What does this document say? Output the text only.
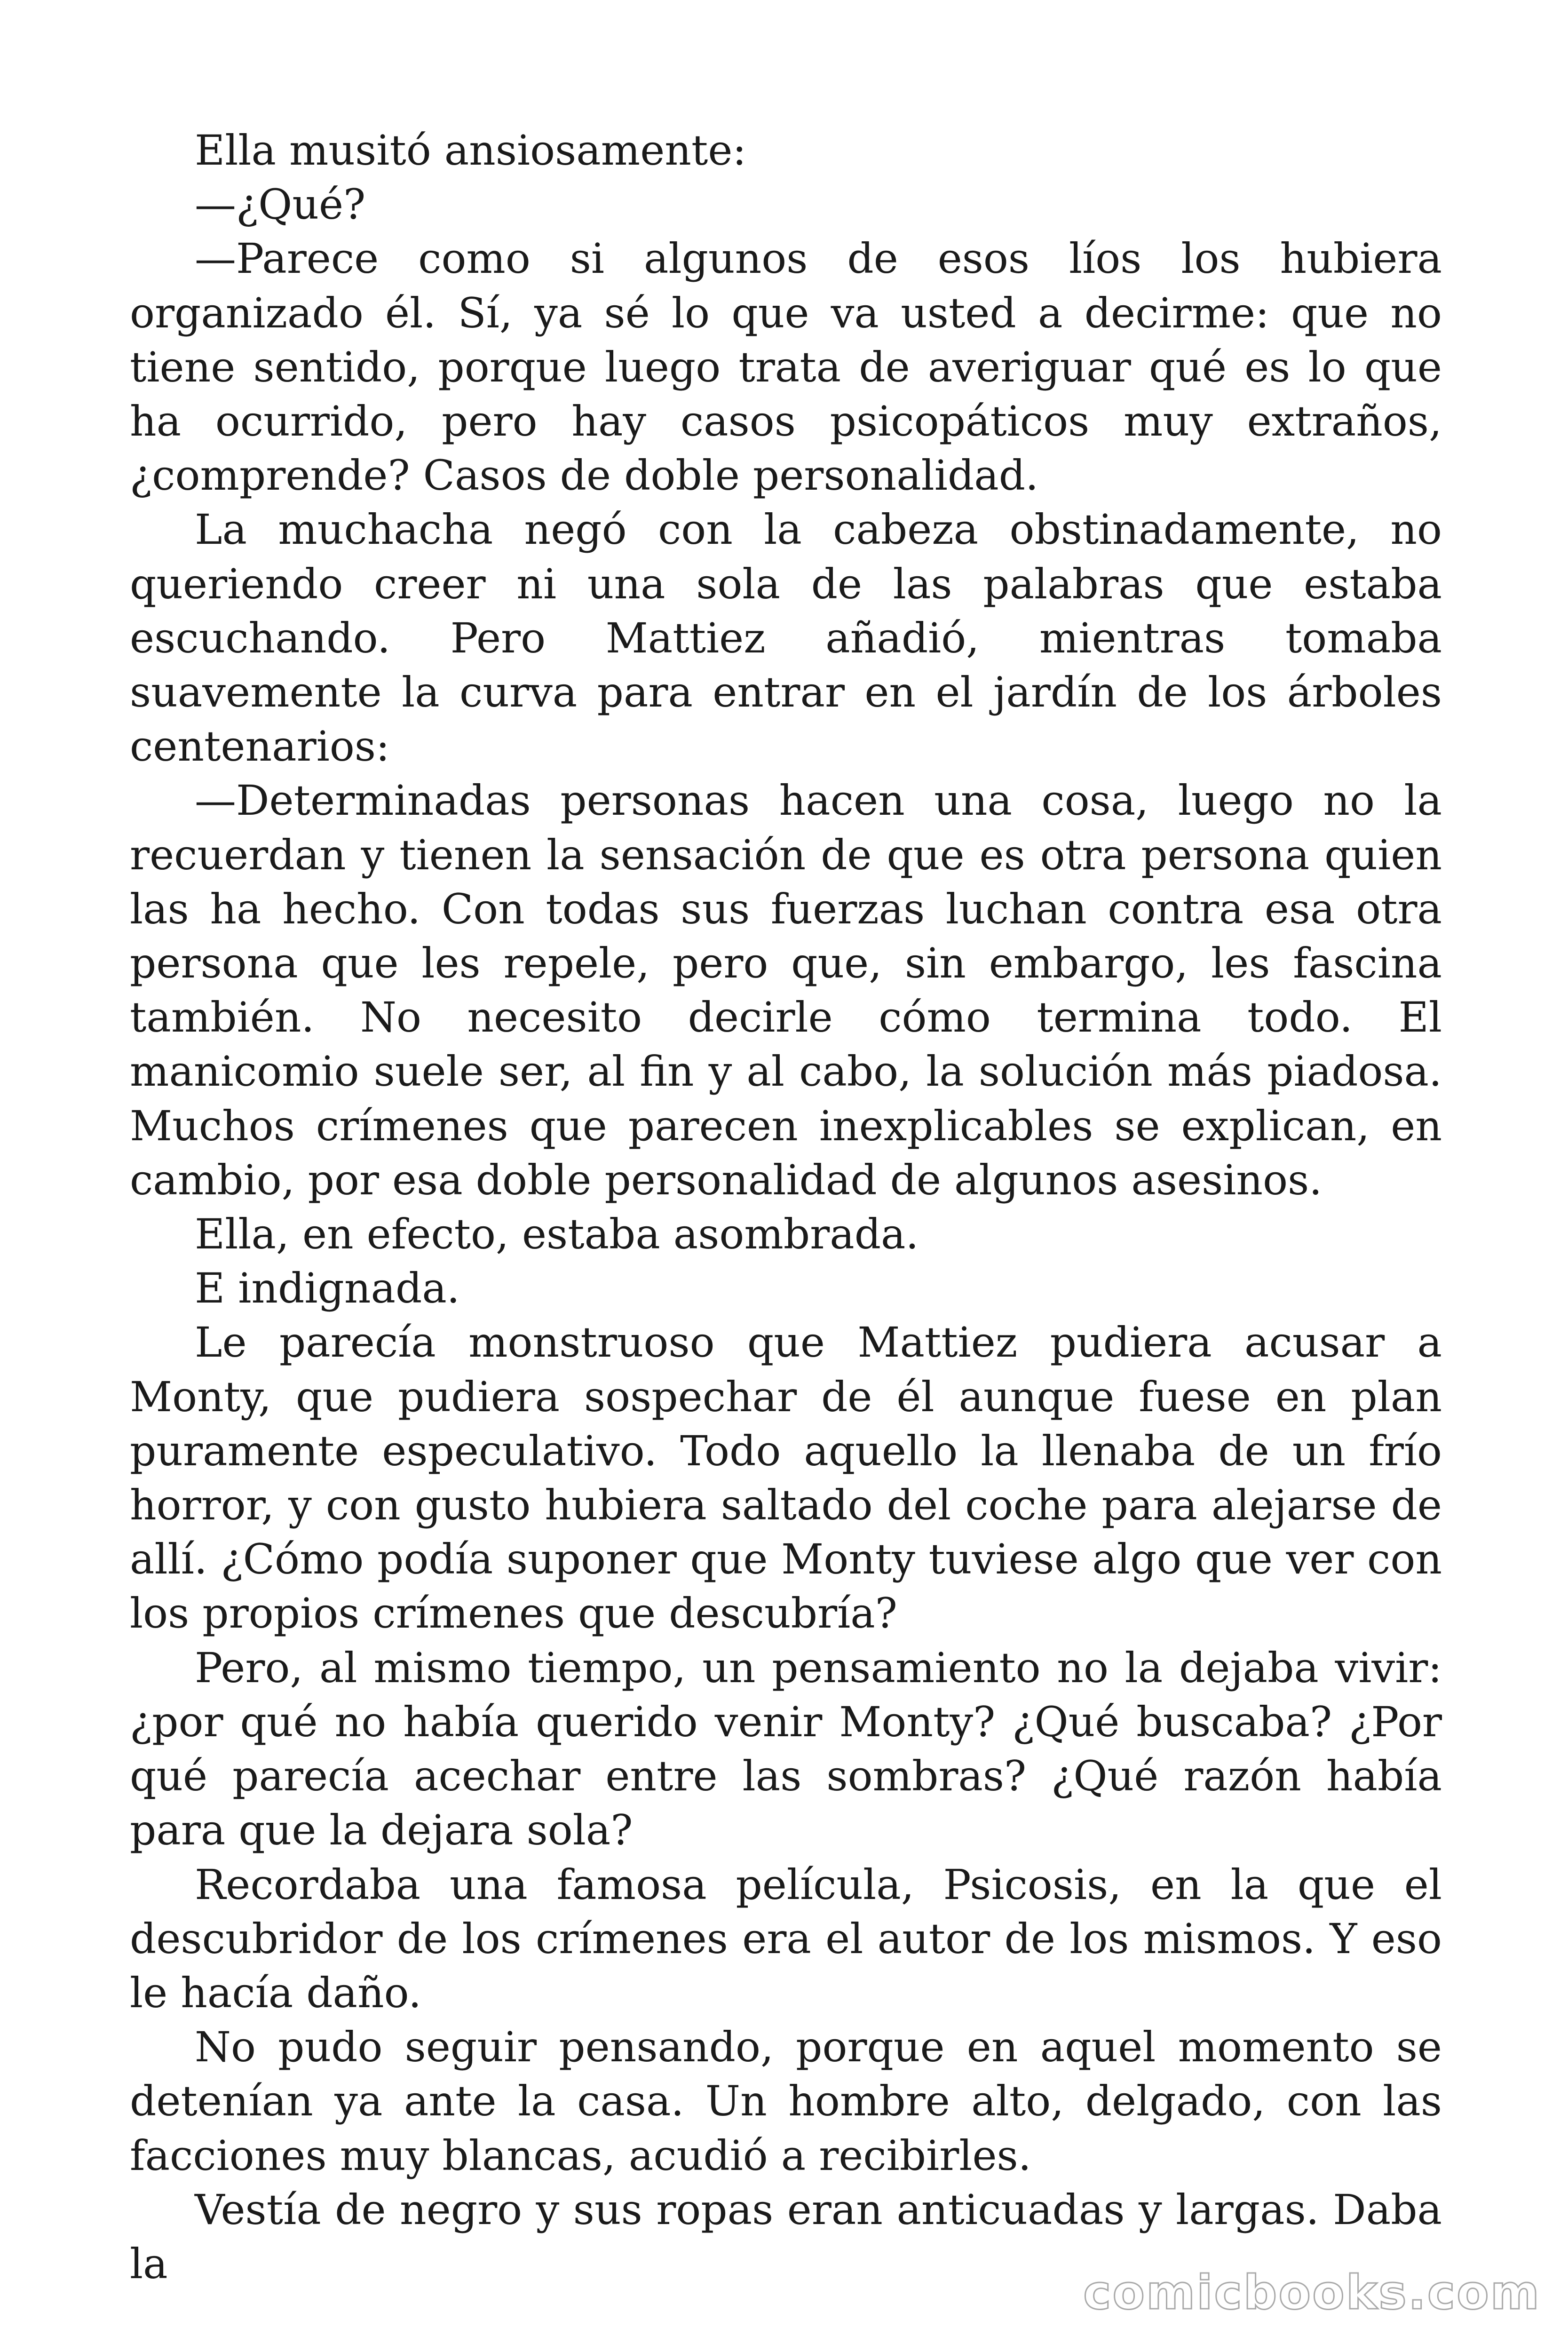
Ella musitó ansiosamente:

—¿Qué?

—Parece como si algunos de esos líos los hubiera organizado él. Sí, ya sé lo que va usted a decirme: que no tiene sentido, porque luego trata de averiguar qué es lo que ha ocurrido, pero hay casos psicopáticos muy extraños, ¿comprende? Casos de doble personalidad.

La muchacha negó con la cabeza obstinadamente, no queriendo creer ni una sola de las palabras que estaba escuchando. Pero Mattiez añadió, mientras tomaba suavemente la curva para entrar en el jardín de los árboles centenarios:

—Determinadas personas hacen una cosa, luego no la recuerdan y tienen la sensación de que es otra persona quien las ha hecho. Con todas sus fuerzas luchan contra esa otra persona que les repele, pero que, sin embargo, les fascina también. No necesito decirle cómo termina todo. El manicomio suele ser, al fin y al cabo, la solución más piadosa. Muchos crímenes que parecen inexplicables se explican, en cambio, por esa doble personalidad de algunos asesinos.

Ella, en efecto, estaba asombrada.

E indignada.

Le parecía monstruoso que Mattiez pudiera acusar a Monty, que pudiera sospechar de él aunque fuese en plan puramente especulativo. Todo aquello la llenaba de un frío horror, y con gusto hubiera saltado del coche para alejarse de allí. ¿Cómo podía suponer que Monty tuviese algo que ver con los propios crímenes que descubría?

Pero, al mismo tiempo, un pensamiento no la dejaba vivir: ¿por qué no había querido venir Monty? ¿Qué buscaba? ¿Por qué parecía acechar entre las sombras? ¿Qué razón había para que la dejara sola?

Recordaba una famosa película, Psicosis, en la que el descubridor de los crímenes era el autor de los mismos. Y eso le hacía daño.

No pudo seguir pensando, porque en aquel momento se detenían ya ante la casa. Un hombre alto, delgado, con las facciones muy blancas, acudió a recibirles.

Vestía de negro y sus ropas eran anticuadas y largas. Daba la

comicbooks.com
